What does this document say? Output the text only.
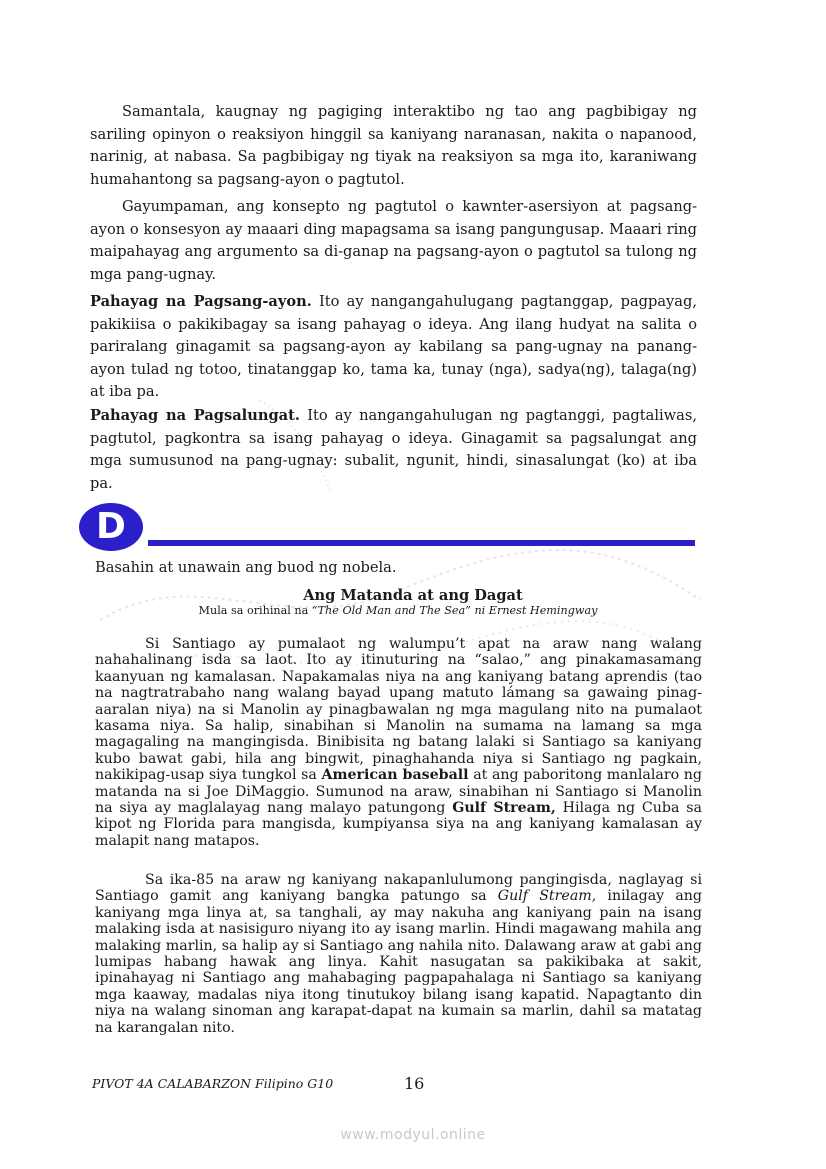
Samantala, kaugnay ng pagiging interaktibo ng tao ang pagbibigay ng sariling opinyon o reaksiyon hinggil sa kaniyang naranasan, nakita o napanood, narinig, at nabasa. Sa pagbibigay ng tiyak na reaksiyon sa mga ito, karaniwang humahantong sa pagsang-ayon o pagtutol.

Gayumpaman, ang konsepto ng pagtutol o kawnter-asersiyon at pagsang-ayon o konsesyon ay maaari ding mapagsama sa isang pangungusap. Maaari ring maipahayag ang argumento sa di-ganap na pagsang-ayon o pagtutol sa tulong ng mga pang-ugnay.

Pahayag na Pagsang-ayon. Ito ay nangangahulugang pagtanggap, pagpayag, pakikiisa o pakikibagay sa isang pahayag o ideya. Ang ilang hudyat na salita o pariralang ginagamit sa pagsang-ayon ay kabilang sa pang-ugnay na panang-ayon tulad ng totoo, tinatanggap ko, tama ka, tunay (nga), sadya(ng), talaga(ng) at iba pa.

Pahayag na Pagsalungat. Ito ay nangangahulugan ng pagtanggi, pagtaliwas, pagtutol, pagkontra sa isang pahayag o ideya. Ginagamit sa pagsalungat ang mga sumusunod na pang-ugnay: subalit, ngunit, hindi, sinasalungat (ko) at iba pa.

D

Basahin at unawain ang buod ng nobela.

Ang Matanda at ang Dagat

Mula sa orihinal na “The Old Man and The Sea” ni Ernest Hemingway

Si Santiago ay pumalaot ng walumpu’t apat na araw nang walang nahahalinang isda sa laot. Ito ay itinuturing na “salao,” ang pinakamasamang kaanyuan ng kamalasan. Napakamalas niya na ang kaniyang batang aprendis (tao na nagtratrabaho nang walang bayad upang matuto lámang sa gawaing pinag-aaralan niya) na si Manolin ay pinagbawalan ng mga magulang nito na pumalaot kasama niya. Sa halip, sinabihan si Manolin na sumama na lamang sa mga magagaling na mangingisda. Binibisita ng batang lalaki si Santiago sa kaniyang kubo bawat gabi, hila ang bingwit, pinaghahanda niya si Santiago ng pagkain, nakikipag-usap siya tungkol sa American baseball at ang paboritong manlalaro ng matanda na si Joe DiMaggio. Sumunod na araw, sinabihan ni Santiago si Manolin na siya ay maglalayag nang malayo patungong Gulf Stream, Hilaga ng Cuba sa kipot ng Florida para mangisda, kumpiyansa siya na ang kaniyang kamalasan ay malapit nang matapos.

Sa ika-85 na araw ng kaniyang nakapanlulumong pangingisda, naglayag si Santiago gamit ang kaniyang bangka patungo sa Gulf Stream, inilagay ang kaniyang mga linya at, sa tanghali, ay may nakuha ang kaniyang pain na isang malaking isda at nasisiguro niyang ito ay isang marlin. Hindi magawang mahila ang malaking marlin, sa halip ay si Santiago ang nahila nito. Dalawang araw at gabi ang lumipas habang hawak ang linya. Kahit nasugatan sa pakikibaka at sakit, ipinahayag ni Santiago ang mahabaging pagpapahalaga ni Santiago sa kaniyang mga kaaway, madalas niya itong tinutukoy bilang isang kapatid. Napagtanto din niya na walang sinoman ang karapat-dapat na kumain sa marlin, dahil sa matatag na karangalan nito.

PIVOT 4A CALABARZON Filipino G10	16

www.modyul.online
